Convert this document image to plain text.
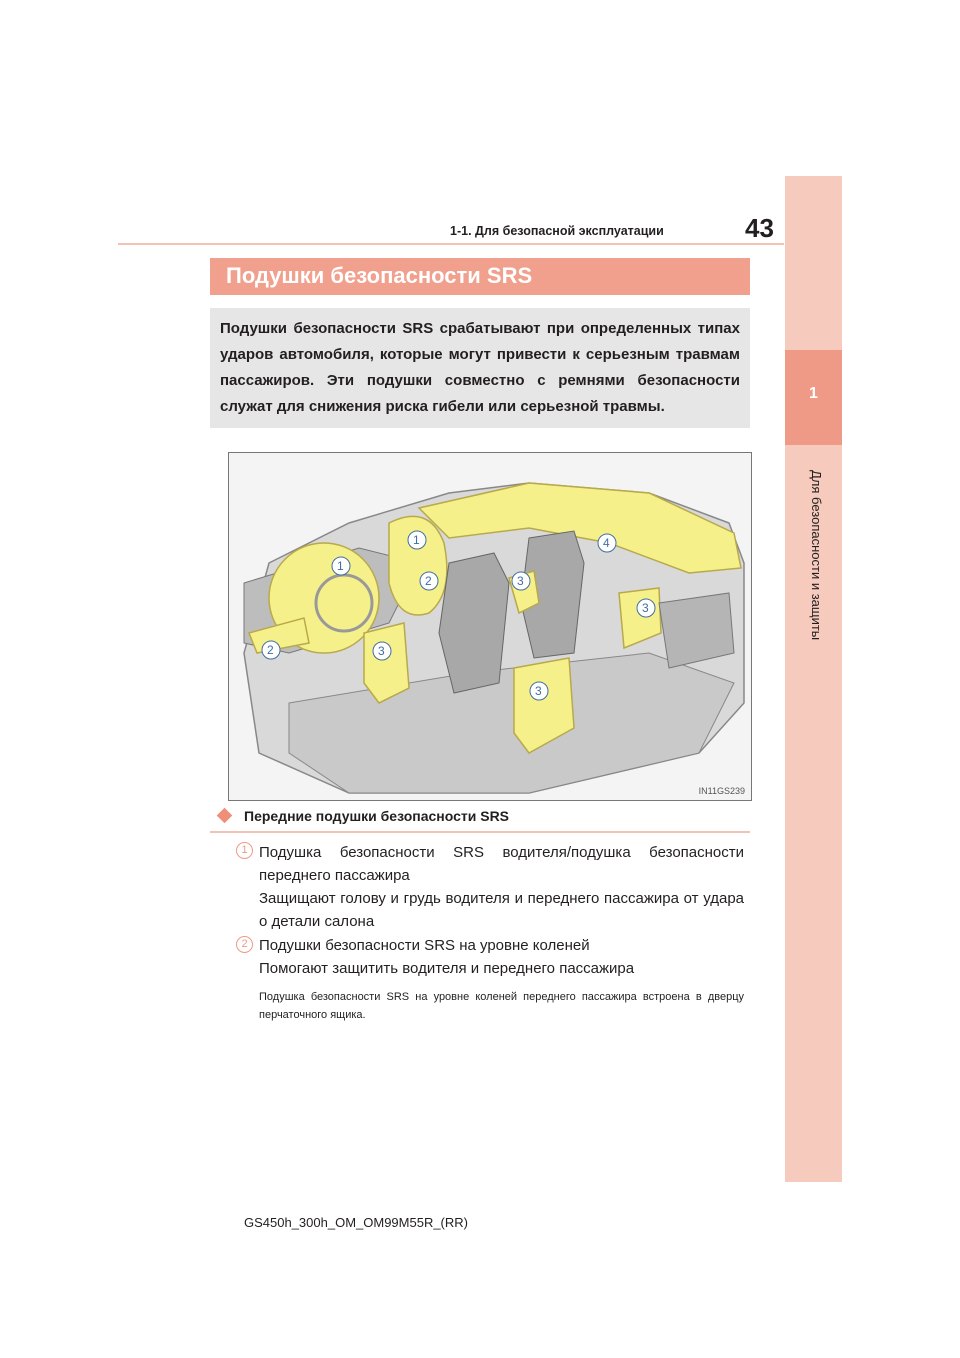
1
Для безопасности и защиты
43
1-1. Для безопасной эксплуатации
Подушки безопасности SRS
Подушки безопасности SRS срабатывают при определенных типах ударов автомобиля, которые могут привести к серьезным травмам пассажиров. Эти подушки совместно с ремнями безопасности служат для снижения риска гибели или серьезной травмы.
1
1
2
2
3
3
3
3
4
IN11GS239
Передние подушки безопасности SRS
1 Подушка безопасности SRS водителя/подушка безопасности переднего пассажира
Защищают голову и грудь водителя и переднего пассажира от удара о детали салона
2 Подушки безопасности SRS на уровне коленей
Помогают защитить водителя и переднего пассажира
Подушка безопасности SRS на уровне коленей переднего пассажира встроена в дверцу перчаточного ящика.
GS450h_300h_OM_OM99M55R_(RR)
